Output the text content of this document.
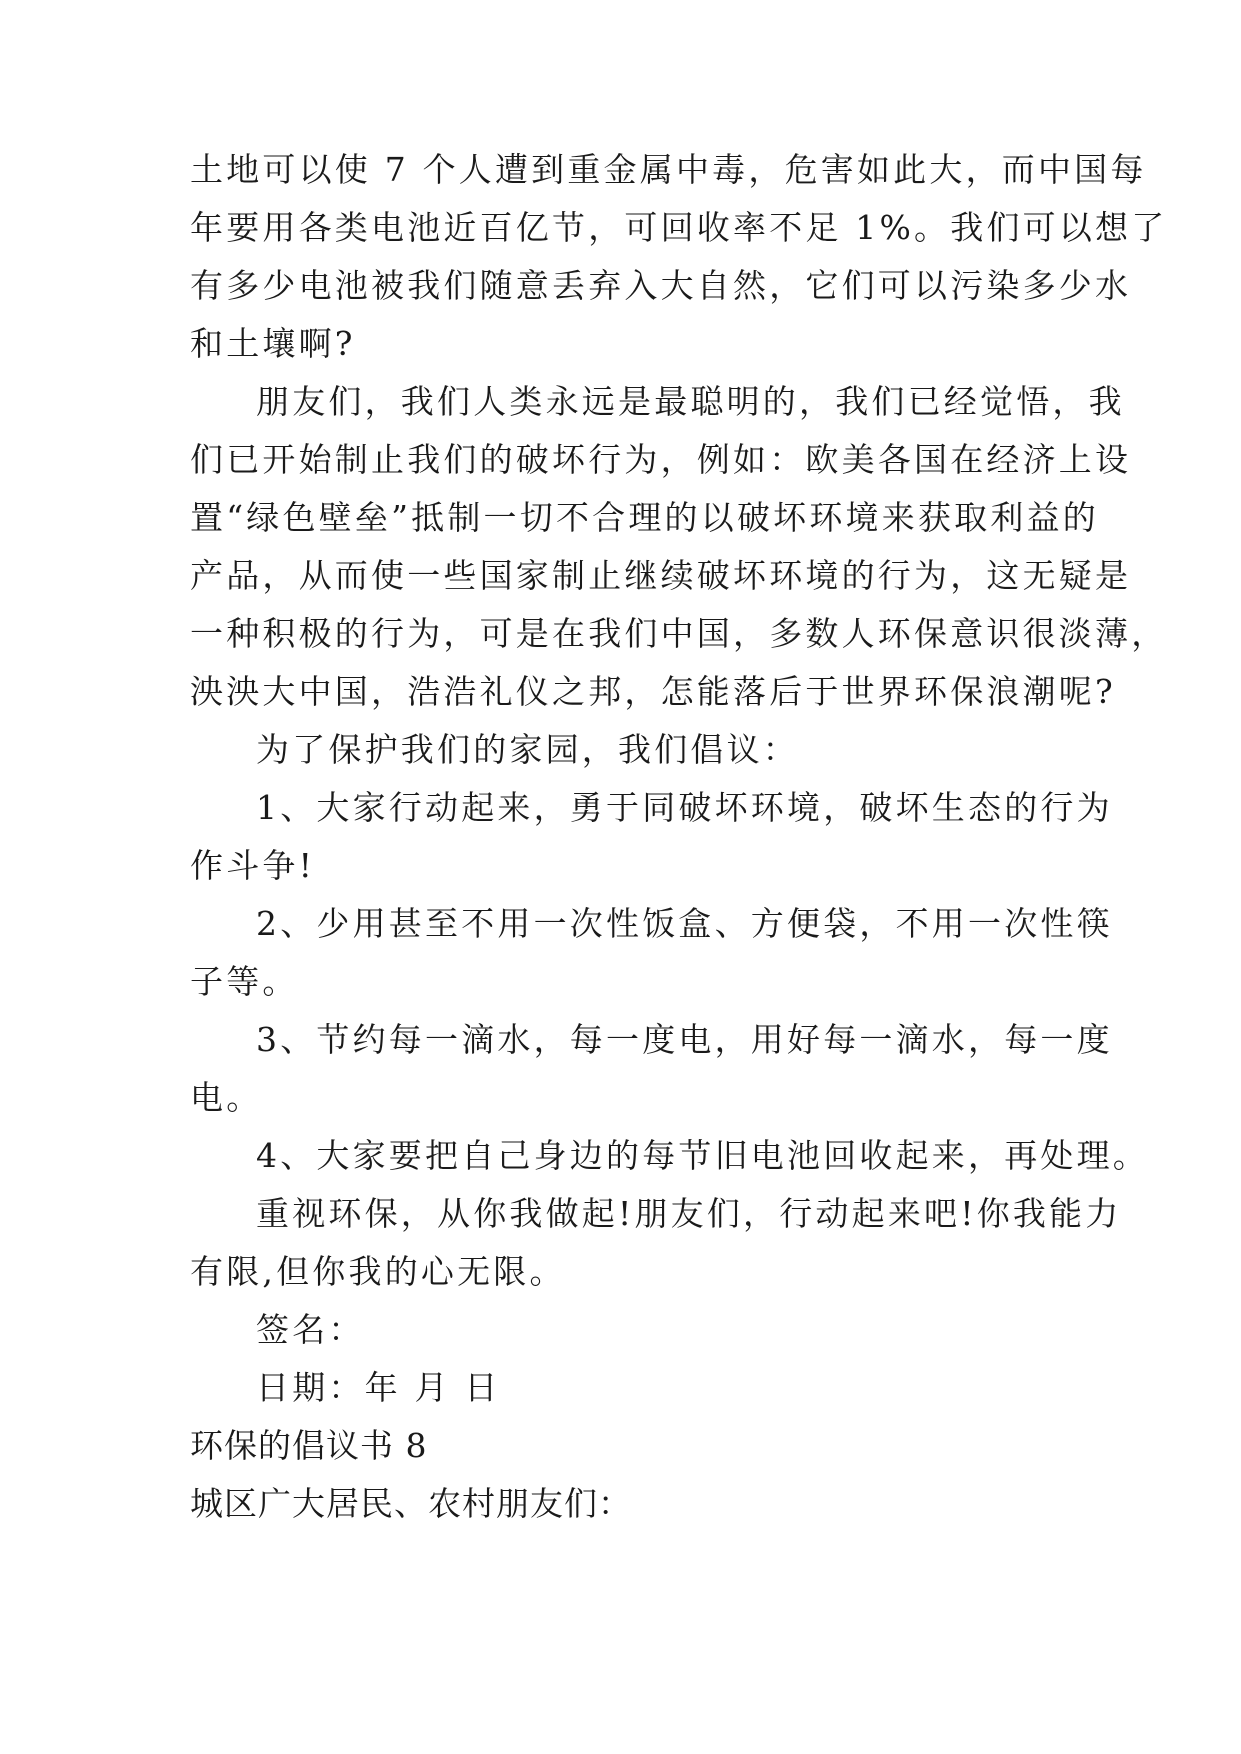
土地可以使 7 个人遭到重金属中毒，危害如此大，而中国每
年要用各类电池近百亿节，可回收率不足 1%。我们可以想了
有多少电池被我们随意丢弃入大自然，它们可以污染多少水
和土壤啊?
朋友们，我们人类永远是最聪明的，我们已经觉悟，我
们已开始制止我们的破坏行为，例如：欧美各国在经济上设
置“绿色壁垒”抵制一切不合理的以破坏环境来获取利益的
产品，从而使一些国家制止继续破坏环境的行为，这无疑是
一种积极的行为，可是在我们中国，多数人环保意识很淡薄，
泱泱大中国，浩浩礼仪之邦，怎能落后于世界环保浪潮呢?
为了保护我们的家园，我们倡议：
1、大家行动起来，勇于同破坏环境，破坏生态的行为
作斗争!
2、少用甚至不用一次性饭盒、方便袋，不用一次性筷
子等。
3、节约每一滴水，每一度电，用好每一滴水，每一度
电。
4、大家要把自己身边的每节旧电池回收起来，再处理。
重视环保，从你我做起!朋友们，行动起来吧!你我能力
有限,但你我的心无限。
签名：
日期：年 月 日
环保的倡议书 8
城区广大居民、农村朋友们：
